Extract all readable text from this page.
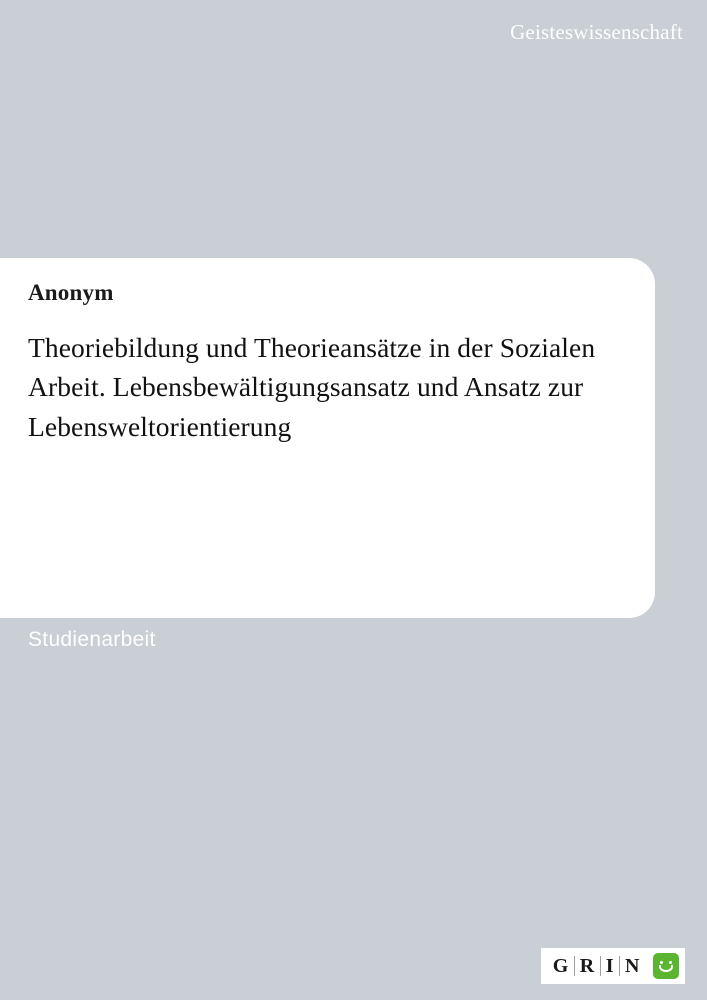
Geisteswissenschaft
Anonym
Theoriebildung und Theorieansätze in der Sozialen Arbeit. Lebensbewältigungsansatz und Ansatz zur Lebensweltorientierung
Studienarbeit
G R I N
